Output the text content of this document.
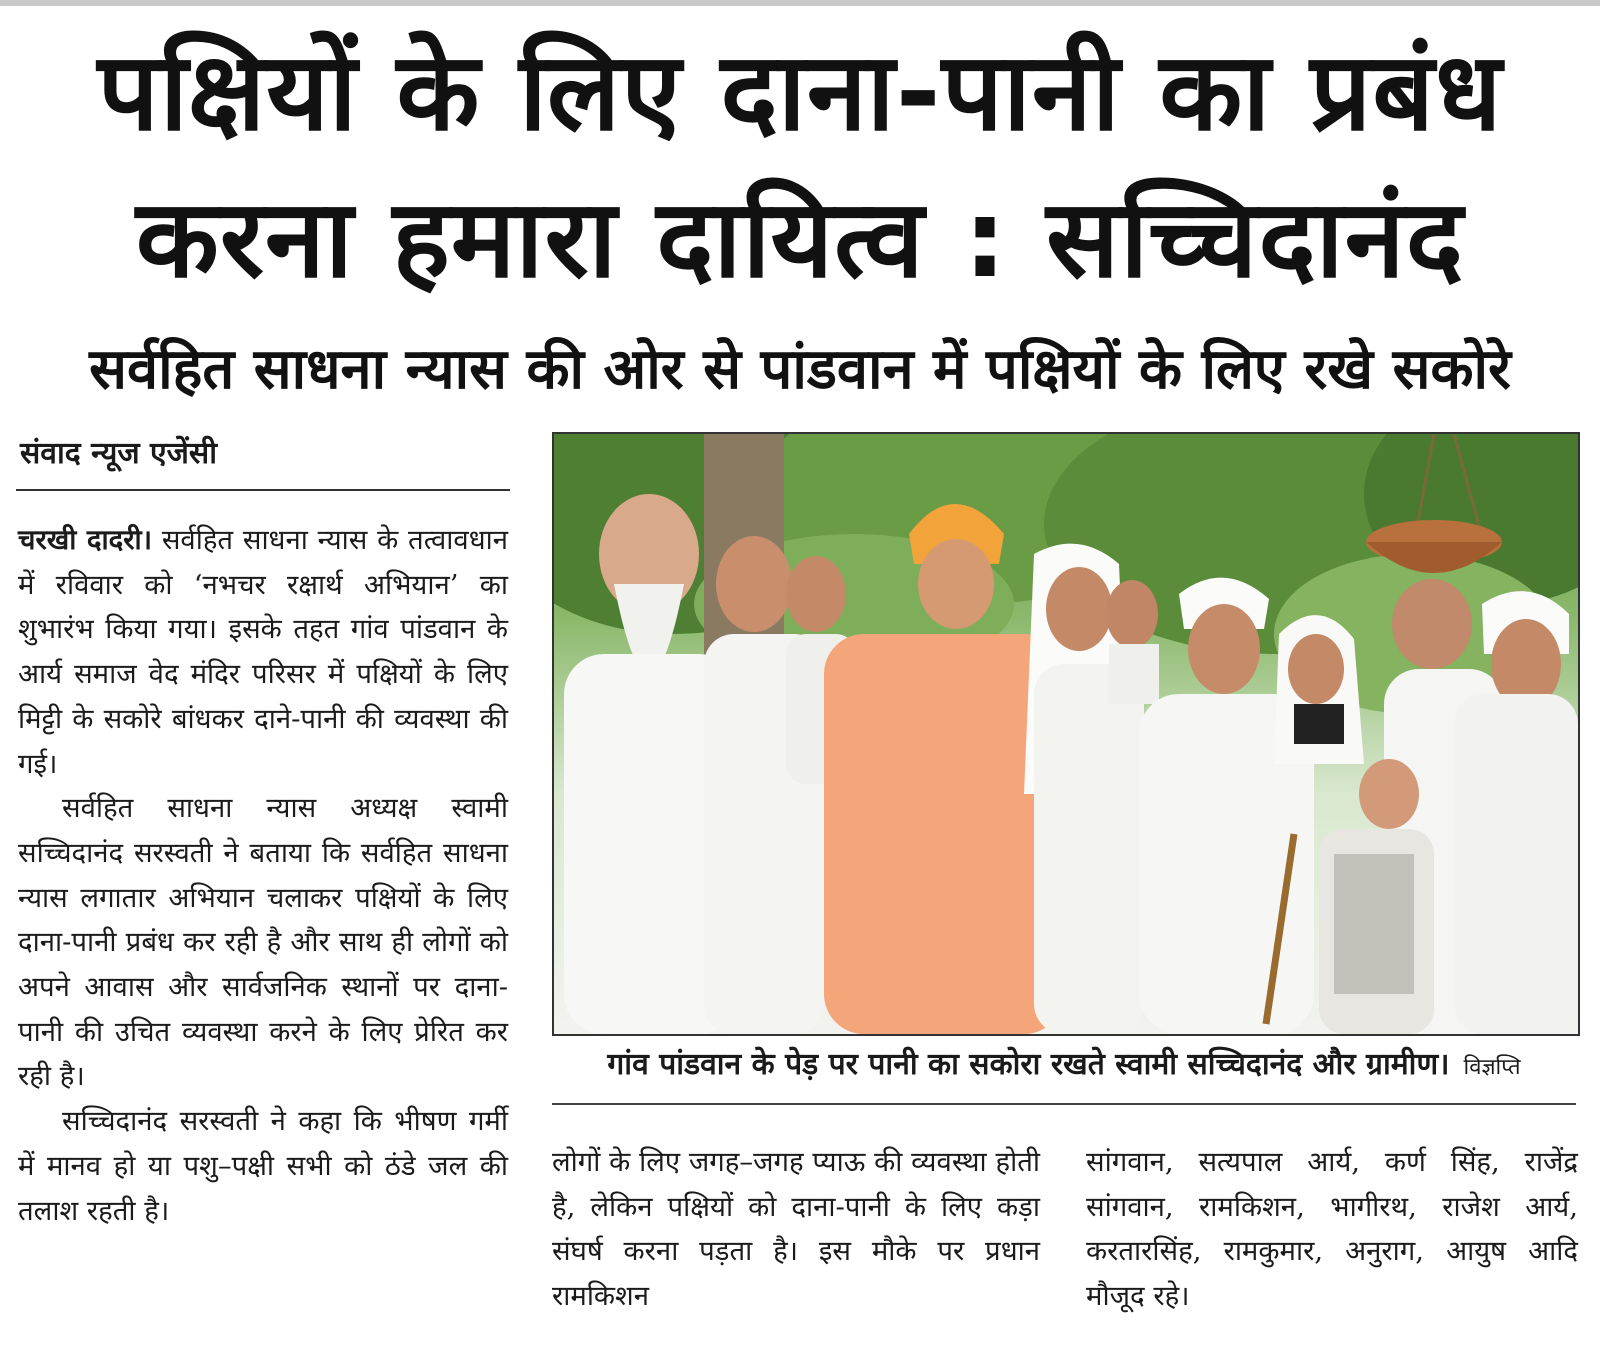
पक्षियों के लिए दाना-पानी का प्रबंध
करना हमारा दायित्व : सच्चिदानंद
सर्वहित साधना न्यास की ओर से पांडवान में पक्षियों के लिए रखे सकोरे
संवाद न्यूज एजेंसी

चरखी दादरी। सर्वहित साधना न्यास के तत्वावधान में रविवार को ‘नभचर रक्षार्थ अभियान’ का शुभारंभ किया गया। इसके तहत गांव पांडवान के आर्य समाज वेद मंदिर परिसर में पक्षियों के लिए मिट्टी के सकोरे बांधकर दाने-पानी की व्यवस्था की गई।

सर्वहित साधना न्यास अध्यक्ष स्वामी सच्चिदानंद सरस्वती ने बताया कि सर्वहित साधना न्यास लगातार अभियान चलाकर पक्षियों के लिए दाना-पानी प्रबंध कर रही है और साथ ही लोगों को अपने आवास और सार्वजनिक स्थानों पर दाना-पानी की उचित व्यवस्था करने के लिए प्रेरित कर रही है।

सच्चिदानंद सरस्वती ने कहा कि भीषण गर्मी में मानव हो या पशु–पक्षी सभी को ठंडे जल की तलाश रहती है।

गांव पांडवान के पेड़ पर पानी का सकोरा रखते स्वामी सच्चिदानंद और ग्रामीण। विज्ञप्ति

लोगों के लिए जगह–जगह प्याऊ की व्यवस्था होती है, लेकिन पक्षियों को दाना-पानी के लिए कड़ा संघर्ष करना पड़ता है। इस मौके पर प्रधान रामकिशन

सांगवान, सत्यपाल आर्य, कर्ण सिंह, राजेंद्र सांगवान, रामकिशन, भागीरथ, राजेश आर्य, करतारसिंह, रामकुमार, अनुराग, आयुष आदि मौजूद रहे।
